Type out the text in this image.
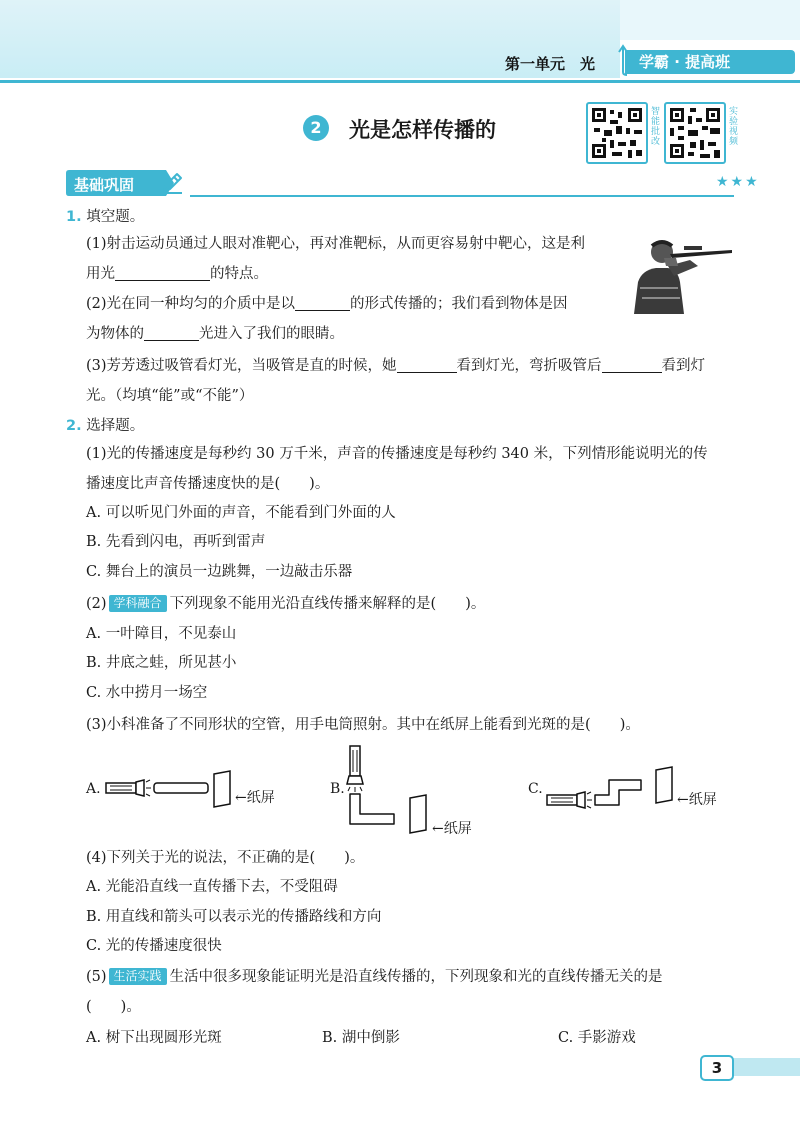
第一单元　光	学霸 · 提高班
2	光是怎样传播的	智能批改	实验视频
基础巩固	★★★
1. 填空题。
(1)射击运动员通过人眼对准靶心，再对准靶标，从而更容易射中靶心，这是利
用光	的特点。
(2)光在同一种均匀的介质中是以	的形式传播的；我们看到物体是因
为物体的	光进入了我们的眼睛。
(3)芳芳透过吸管看灯光，当吸管是直的时候，她	看到灯光，弯折吸管后	看到灯
光。（均填“能”或“不能”）
2. 选择题。
(1)光的传播速度是每秒约 30 万千米，声音的传播速度是每秒约 340 米，下列情形能说明光的传
播速度比声音传播速度快的是(　　)。
A. 可以听见门外面的声音，不能看到门外面的人
B. 先看到闪电，再听到雷声
C. 舞台上的演员一边跳舞，一边敲击乐器
(2) 学科融合 下列现象不能用光沿直线传播来解释的是(　　)。
A. 一叶障目，不见泰山
B. 井底之蛙，所见甚小
C. 水中捞月一场空
(3)小科准备了不同形状的空管，用手电筒照射。其中在纸屏上能看到光斑的是(　　)。
A.
←纸屏
B.
←纸屏
C.
←纸屏
(4)下列关于光的说法，不正确的是(　　)。
A. 光能沿直线一直传播下去，不受阻碍
B. 用直线和箭头可以表示光的传播路线和方向
C. 光的传播速度很快
(5) 生活实践 生活中很多现象能证明光是沿直线传播的，下列现象和光的直线传播无关的是
(　　)。
A. 树下出现圆形光斑	B. 湖中倒影	C. 手影游戏
3
